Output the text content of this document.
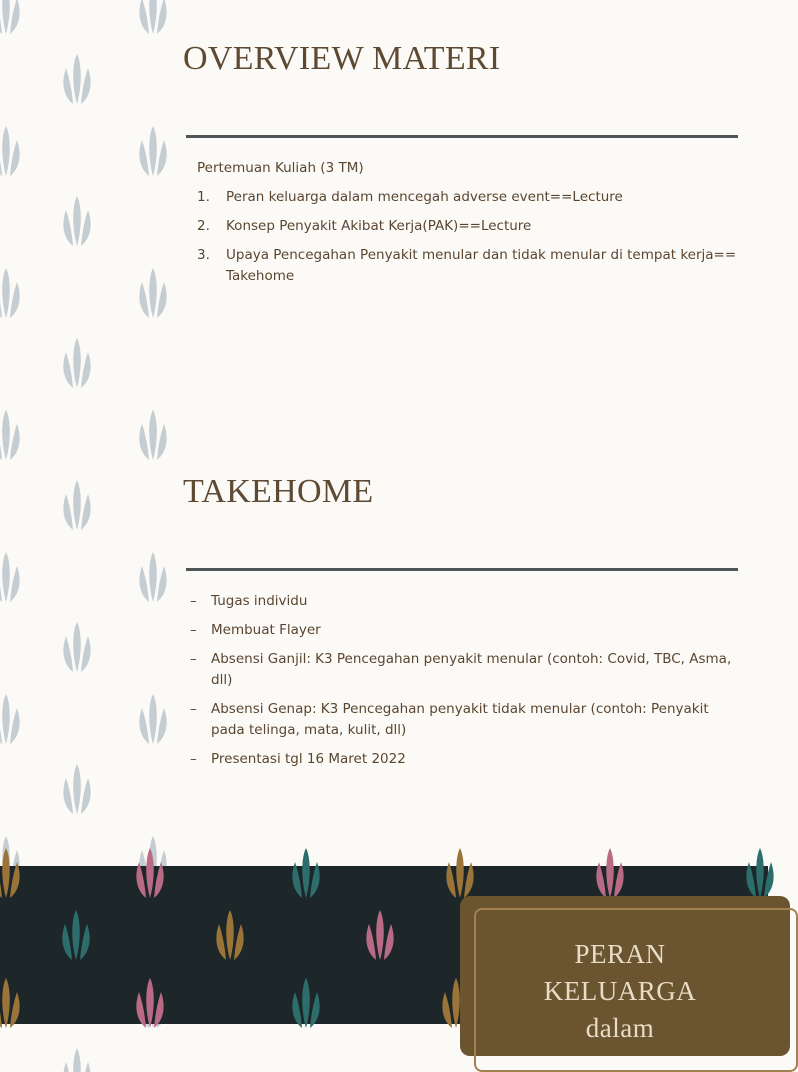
OVERVIEW MATERI

Pertemuan Kuliah (3 TM)

1. Peran keluarga dalam mencegah adverse event==Lecture
2. Konsep Penyakit Akibat Kerja(PAK)==Lecture
3. Upaya Pencegahan Penyakit menular dan tidak menular di tempat kerja== Takehome
TAKEHOME
– Tugas individu
– Membuat Flayer
– Absensi Ganjil: K3 Pencegahan penyakit menular (contoh: Covid, TBC, Asma, dll)
– Absensi Genap: K3 Pencegahan penyakit tidak menular (contoh: Penyakit pada telinga, mata, kulit, dll)
– Presentasi tgl 16 Maret 2022
PERAN
KELUARGA
dalam
